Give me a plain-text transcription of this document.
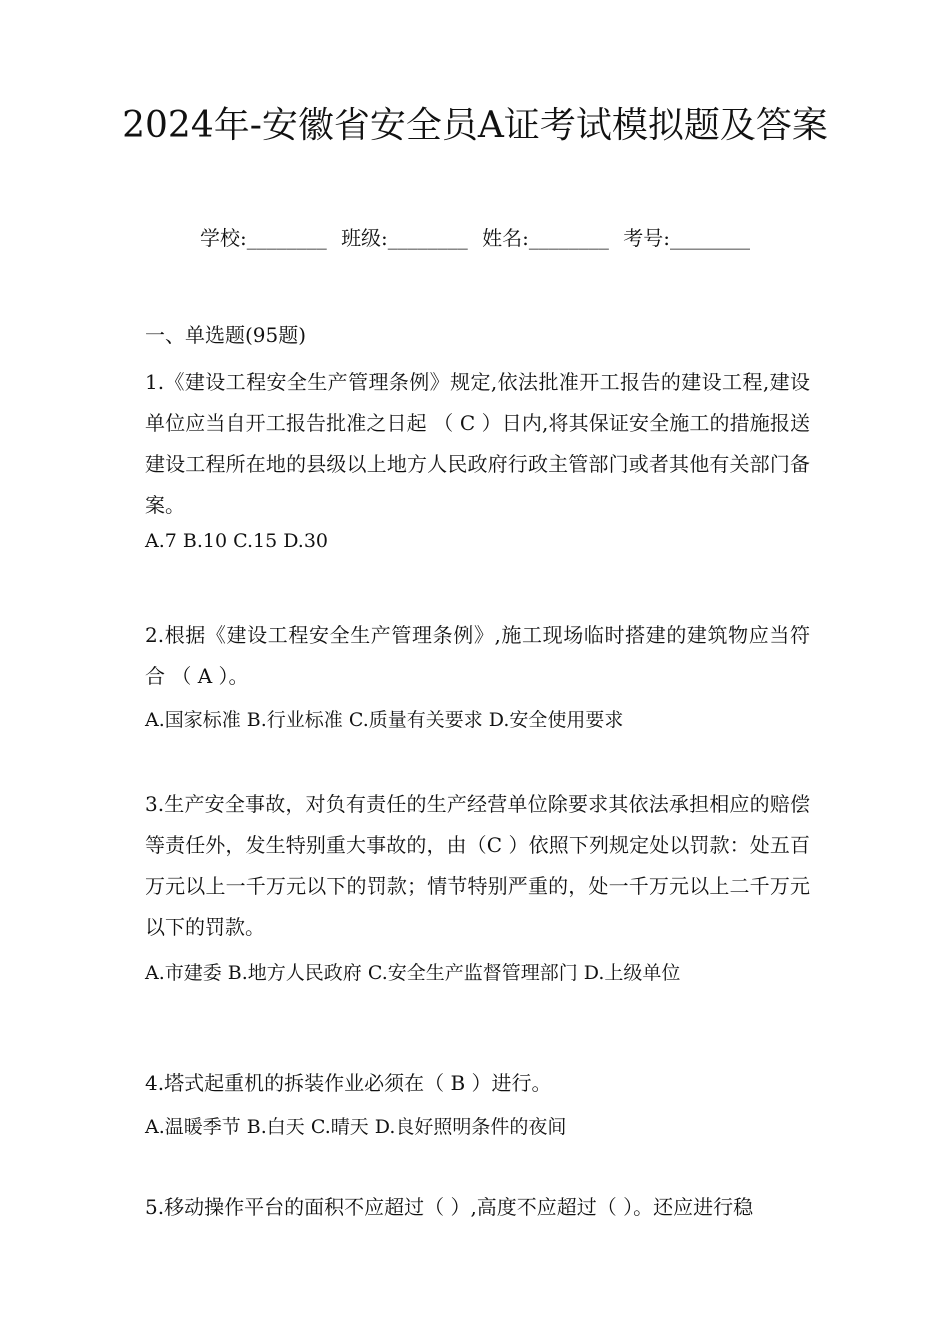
2024年-安徽省安全员A证考试模拟题及答案
学校:________ 班级:________ 姓名:________ 考号:________
一、单选题(95题)
1.《建设工程安全生产管理条例》规定,依法批准开工报告的建设工程,建设单位应当自开工报告批准之日起 （ C ）日内,将其保证安全施工的措施报送建设工程所在地的县级以上地方人民政府行政主管部门或者其他有关部门备案。
A.7 B.10 C.15 D.30
2.根据《建设工程安全生产管理条例》,施工现场临时搭建的建筑物应当符合 （ A ）。
A.国家标准 B.行业标准 C.质量有关要求 D.安全使用要求
3.生产安全事故，对负有责任的生产经营单位除要求其依法承担相应的赔偿等责任外，发生特别重大事故的，由（C ）依照下列规定处以罚款：处五百万元以上一千万元以下的罚款；情节特别严重的，处一千万元以上二千万元以下的罚款。
A.市建委 B.地方人民政府 C.安全生产监督管理部门 D.上级单位
4.塔式起重机的拆装作业必须在（ B ）进行。
A.温暖季节 B.白天 C.晴天 D.良好照明条件的夜间
5.移动操作平台的面积不应超过（ ）,高度不应超过（ ）。还应进行稳
